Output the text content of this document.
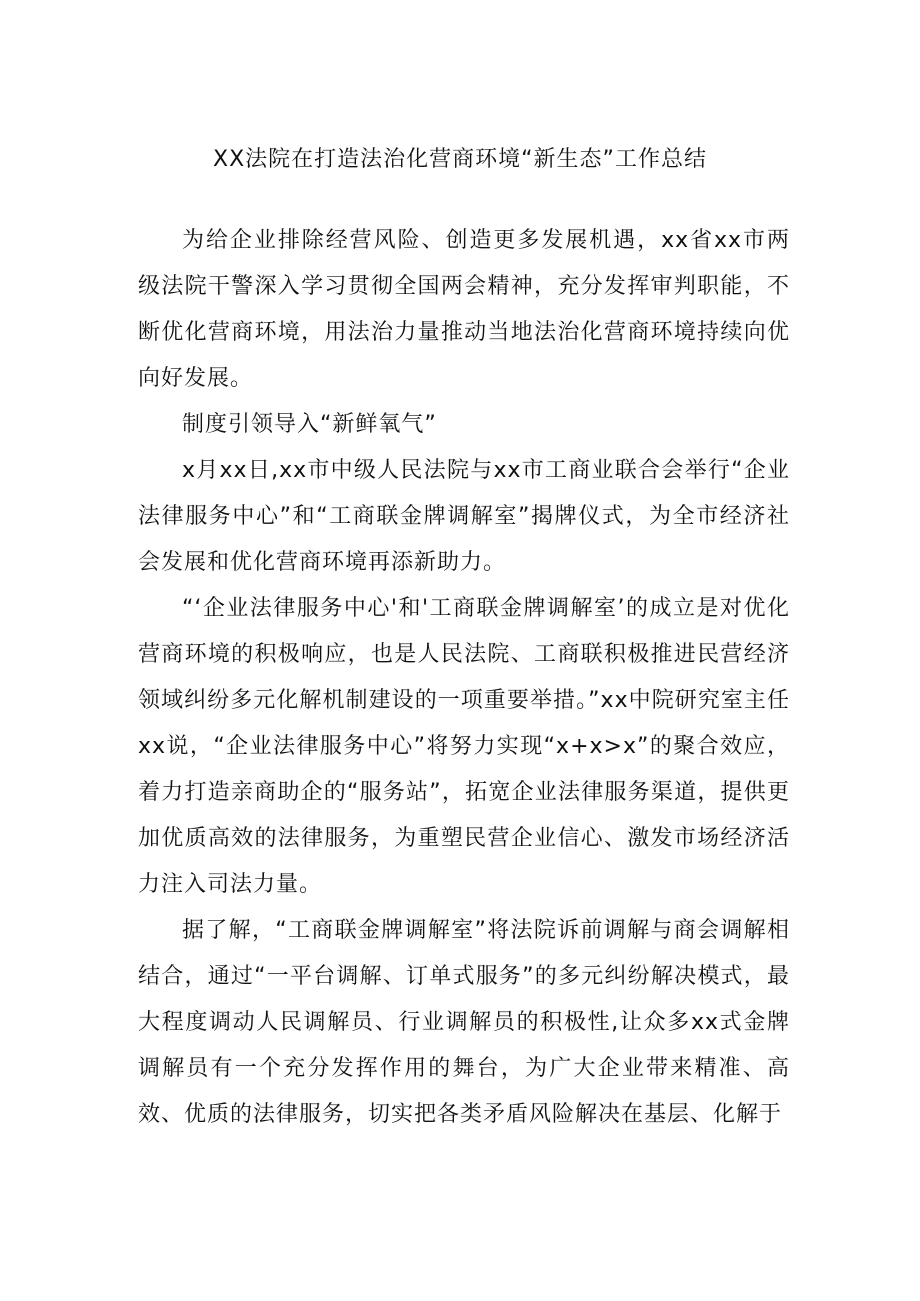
XX法院在打造法治化营商环境“新生态”工作总结

为给企业排除经营风险、创造更多发展机遇，xx省xx市两级法院干警深入学习贯彻全国两会精神，充分发挥审判职能，不断优化营商环境，用法治力量推动当地法治化营商环境持续向优向好发展。

制度引领导入“新鲜氧气”

x月xx日,xx市中级人民法院与xx市工商业联合会举行“企业法律服务中心”和“工商联金牌调解室”揭牌仪式，为全市经济社会发展和优化营商环境再添新助力。

“‘企业法律服务中心'和'工商联金牌调解室’的成立是对优化营商环境的积极响应，也是人民法院、工商联积极推进民营经济领域纠纷多元化解机制建设的一项重要举措。”xx中院研究室主任xx说，“企业法律服务中心”将努力实现“x+x>x”的聚合效应，着力打造亲商助企的“服务站”，拓宽企业法律服务渠道，提供更加优质高效的法律服务，为重塑民营企业信心、激发市场经济活力注入司法力量。

据了解，“工商联金牌调解室”将法院诉前调解与商会调解相结合，通过“一平台调解、订单式服务”的多元纠纷解决模式，最大程度调动人民调解员、行业调解员的积极性,让众多xx式金牌调解员有一个充分发挥作用的舞台，为广大企业带来精准、高效、优质的法律服务，切实把各类矛盾风险解决在基层、化解于
